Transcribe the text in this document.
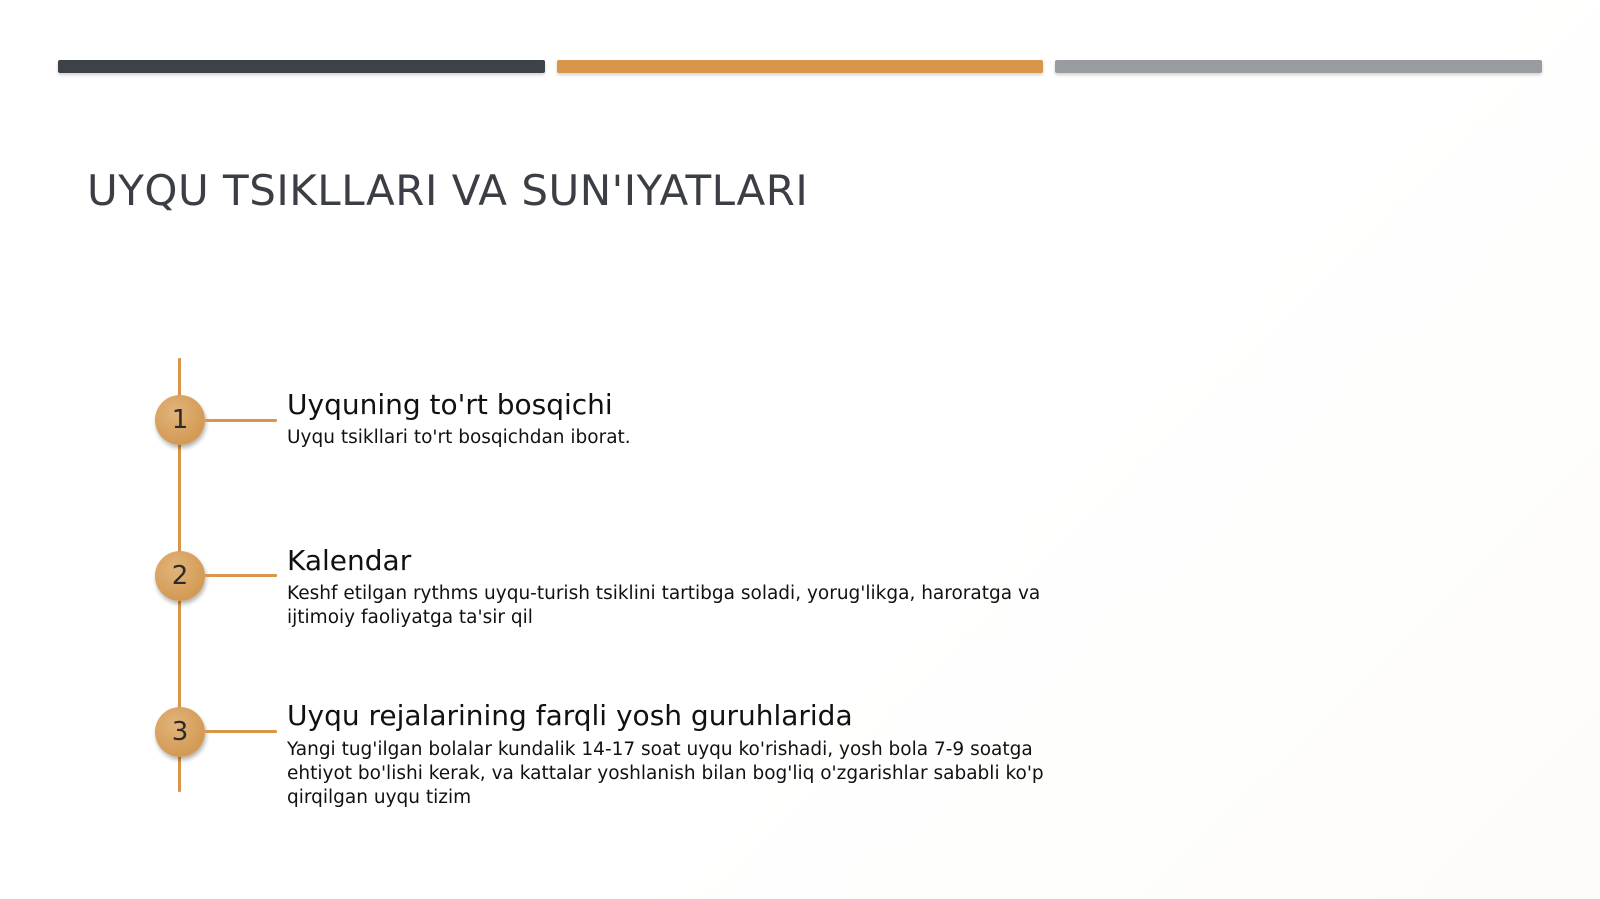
UYQU TSIKLLARI VA SUN'IYATLARI
1	Uyquning to'rt bosqichi

Uyqu tsikllari to'rt bosqichdan iborat.

2	Kalendar

Keshf etilgan rythms uyqu-turish tsiklini tartibga soladi, yorug'likga, haroratga va ijtimoiy faoliyatga ta'sir qil

3	Uyqu rejalarining farqli yosh guruhlarida

Yangi tug'ilgan bolalar kundalik 14-17 soat uyqu ko'rishadi, yosh bola 7-9 soatga ehtiyot bo'lishi kerak, va kattalar yoshlanish bilan bog'liq o'zgarishlar sababli ko'p qirqilgan uyqu tizim
